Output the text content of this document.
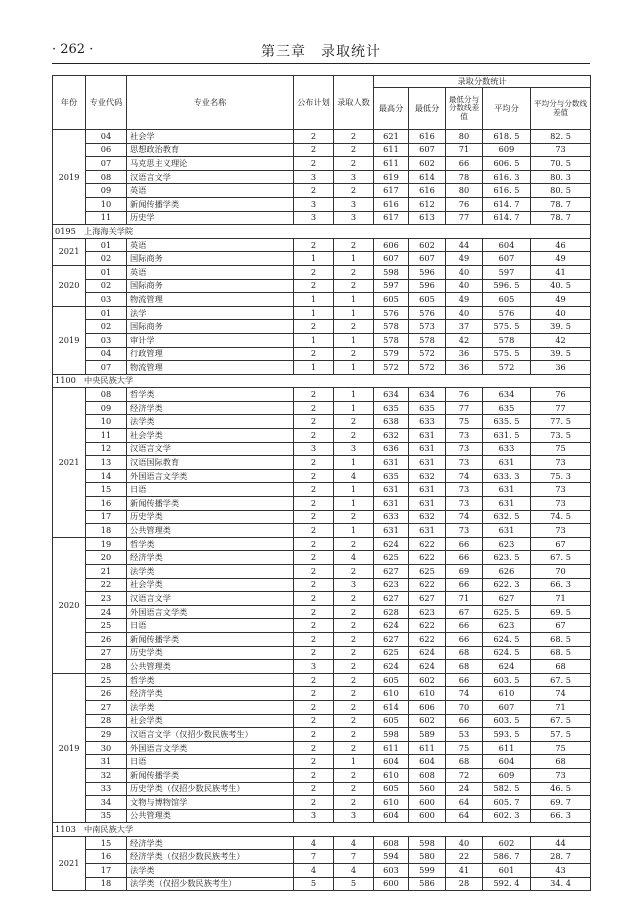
· 262 ·	第三章　录取统计
年份	专业代码	专业名称	公布计划	录取人数	录取分数统计				
					最高分	最低分	最低分与分数线差值	平均分	平均分与分数线差值
2019	04	社会学	2	2	621	616	80	618. 5	82. 5
	06	思想政治教育	2	2	611	607	71	609	73
	07	马克思主义理论	2	2	611	602	66	606. 5	70. 5
	08	汉语言文学	3	3	619	614	78	616. 3	80. 3
	09	英语	2	2	617	616	80	616. 5	80. 5
	10	新闻传播学类	3	3	616	612	76	614. 7	78. 7
	11	历史学	3	3	617	613	77	614. 7	78. 7
0195　上海海关学院									
2021	01	英语	2	2	606	602	44	604	46
	02	国际商务	1	1	607	607	49	607	49
2020	01	英语	2	2	598	596	40	597	41
	02	国际商务	2	2	597	596	40	596. 5	40. 5
	03	物流管理	1	1	605	605	49	605	49
2019	01	法学	1	1	576	576	40	576	40
	02	国际商务	2	2	578	573	37	575. 5	39. 5
	03	审计学	1	1	578	578	42	578	42
	04	行政管理	2	2	579	572	36	575. 5	39. 5
	07	物流管理	1	1	572	572	36	572	36
1100　中央民族大学									
2021	08	哲学类	2	1	634	634	76	634	76
	09	经济学类	2	1	635	635	77	635	77
	10	法学类	2	2	638	633	75	635. 5	77. 5
	11	社会学类	2	2	632	631	73	631. 5	73. 5
	12	汉语言文学	3	3	636	631	73	633	75
	13	汉语国际教育	2	1	631	631	73	631	73
	14	外国语言文学类	2	4	635	632	74	633. 3	75. 3
	15	日语	2	1	631	631	73	631	73
	16	新闻传播学类	2	1	631	631	73	631	73
	17	历史学类	2	2	633	632	74	632. 5	74. 5
	18	公共管理类	2	1	631	631	73	631	73
2020	19	哲学类	2	2	624	622	66	623	67
	20	经济学类	2	4	625	622	66	623. 5	67. 5
	21	法学类	2	2	627	625	69	626	70
	22	社会学类	2	3	623	622	66	622. 3	66. 3
	23	汉语言文学	2	2	627	627	71	627	71
	24	外国语言文学类	2	2	628	623	67	625. 5	69. 5
	25	日语	2	2	624	622	66	623	67
	26	新闻传播学类	2	2	627	622	66	624. 5	68. 5
	27	历史学类	2	2	625	624	68	624. 5	68. 5
	28	公共管理类	3	2	624	624	68	624	68
2019	25	哲学类	2	2	605	602	66	603. 5	67. 5
	26	经济学类	2	2	610	610	74	610	74
	27	法学类	2	2	614	606	70	607	71
	28	社会学类	2	2	605	602	66	603. 5	67. 5
	29	汉语言文学（仅招少数民族考生）	2	2	598	589	53	593. 5	57. 5
	30	外国语言文学类	2	2	611	611	75	611	75
	31	日语	2	1	604	604	68	604	68
	32	新闻传播学类	2	2	610	608	72	609	73
	33	历史学类（仅招少数民族考生）	2	2	605	560	24	582. 5	46. 5
	34	文物与博物馆学	2	2	610	600	64	605. 7	69. 7
	35	公共管理类	3	3	604	600	64	602. 3	66. 3
1103　中南民族大学									
2021	15	经济学类	4	4	608	598	40	602	44
	16	经济学类（仅招少数民族考生）	7	7	594	580	22	586. 7	28. 7
	17	法学类	4	4	603	599	41	601	43
	18	法学类（仅招少数民族考生）	5	5	600	586	28	592. 4	34. 4
